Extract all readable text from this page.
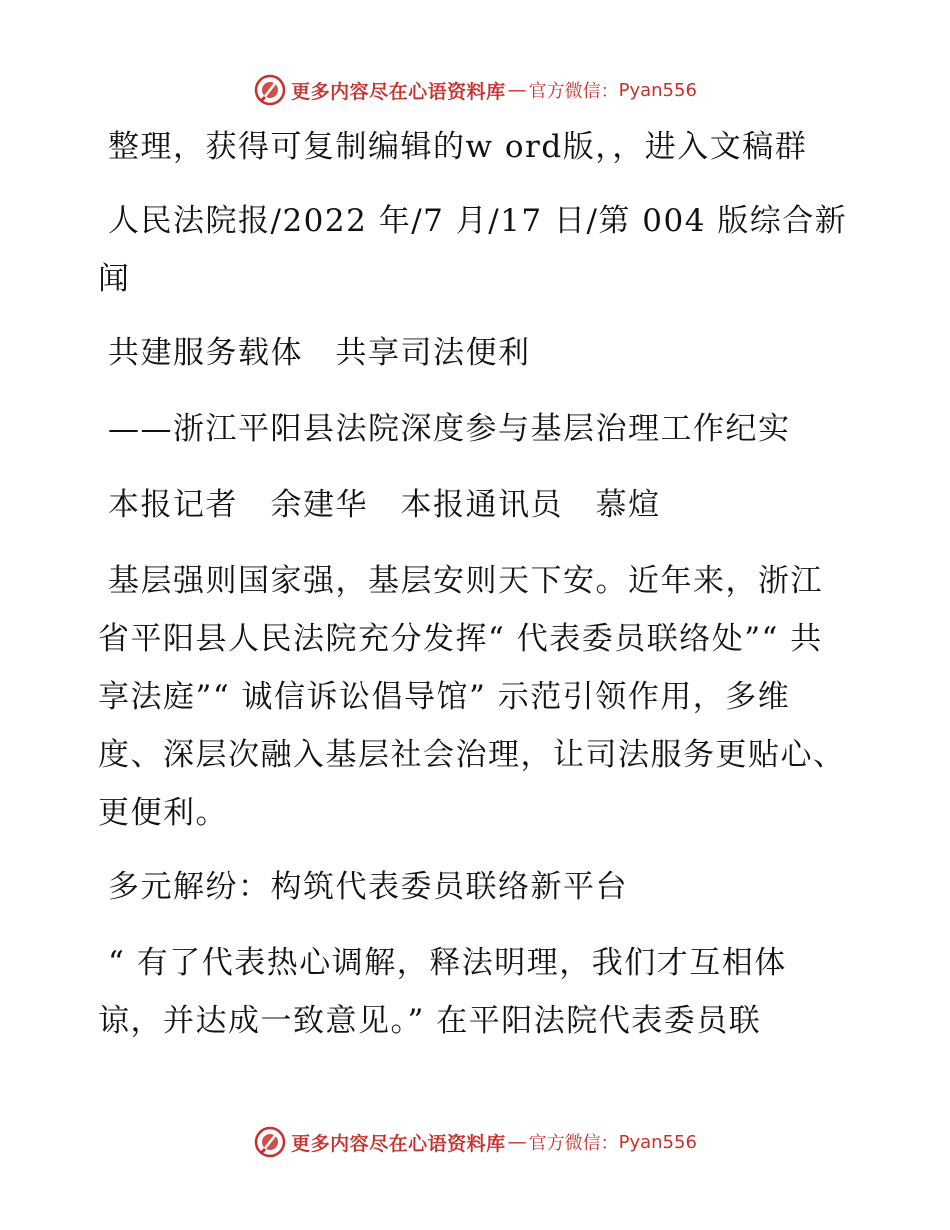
更多内容尽在心语资料库 — 官方微信： Pyan556

整理，获得可复制编辑的w ord版，，进入文稿群

人民法院报/2022 年/7 月/17 日/第 004 版综合新闻

共建服务载体　共享司法便利

——浙江平阳县法院深度参与基层治理工作纪实

本报记者　余建华　本报通讯员　慕煊

基层强则国家强，基层安则天下安。近年来，浙江省平阳县人民法院充分发挥“ 代表委员联络处”“ 共享法庭”“ 诚信诉讼倡导馆” 示范引领作用，多维度、深层次融入基层社会治理，让司法服务更贴心、更便利。

多元解纷：构筑代表委员联络新平台

“ 有了代表热心调解，释法明理，我们才互相体谅，并达成一致意见。” 在平阳法院代表委员联

更多内容尽在心语资料库 — 官方微信： Pyan556
